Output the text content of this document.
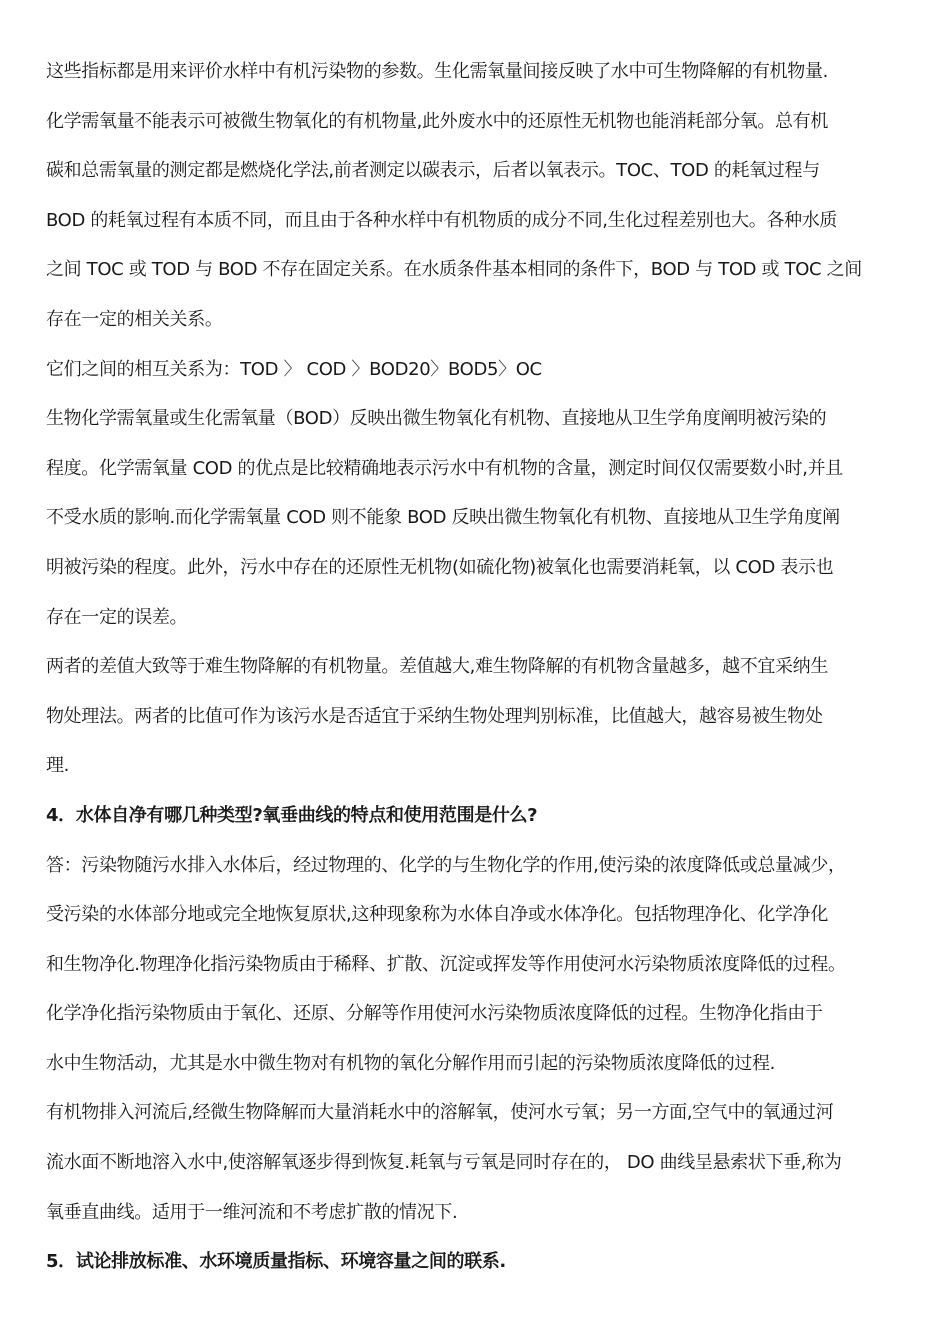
这些指标都是用来评价水样中有机污染物的参数。生化需氧量间接反映了水中可生物降解的有机物量.
化学需氧量不能表示可被微生物氧化的有机物量,此外废水中的还原性无机物也能消耗部分氧。总有机
碳和总需氧量的测定都是燃烧化学法,前者测定以碳表示，后者以氧表示。TOC、TOD 的耗氧过程与
BOD 的耗氧过程有本质不同，而且由于各种水样中有机物质的成分不同,生化过程差别也大。各种水质
之间 TOC 或 TOD 与 BOD 不存在固定关系。在水质条件基本相同的条件下，BOD 与 TOD 或 TOC 之间
存在一定的相关关系。
它们之间的相互关系为：TOD 〉 COD 〉BOD20〉BOD5〉OC
生物化学需氧量或生化需氧量（BOD）反映出微生物氧化有机物、直接地从卫生学角度阐明被污染的
程度。化学需氧量 COD 的优点是比较精确地表示污水中有机物的含量，测定时间仅仅需要数小时,并且
不受水质的影响.而化学需氧量 COD 则不能象 BOD 反映出微生物氧化有机物、直接地从卫生学角度阐
明被污染的程度。此外，污水中存在的还原性无机物(如硫化物)被氧化也需要消耗氧，以 COD 表示也
存在一定的误差。
两者的差值大致等于难生物降解的有机物量。差值越大,难生物降解的有机物含量越多，越不宜采纳生
物处理法。两者的比值可作为该污水是否适宜于采纳生物处理判别标准，比值越大，越容易被生物处
理.
4．水体自净有哪几种类型?氧垂曲线的特点和使用范围是什么?
答：污染物随污水排入水体后，经过物理的、化学的与生物化学的作用,使污染的浓度降低或总量减少，
受污染的水体部分地或完全地恢复原状,这种现象称为水体自净或水体净化。包括物理净化、化学净化
和生物净化.物理净化指污染物质由于稀释、扩散、沉淀或挥发等作用使河水污染物质浓度降低的过程。
化学净化指污染物质由于氧化、还原、分解等作用使河水污染物质浓度降低的过程。生物净化指由于
水中生物活动，尤其是水中微生物对有机物的氧化分解作用而引起的污染物质浓度降低的过程.
有机物排入河流后,经微生物降解而大量消耗水中的溶解氧，使河水亏氧；另一方面,空气中的氧通过河
流水面不断地溶入水中,使溶解氧逐步得到恢复.耗氧与亏氧是同时存在的， DO 曲线呈悬索状下垂,称为
氧垂直曲线。适用于一维河流和不考虑扩散的情况下.
5．试论排放标准、水环境质量指标、环境容量之间的联系.
